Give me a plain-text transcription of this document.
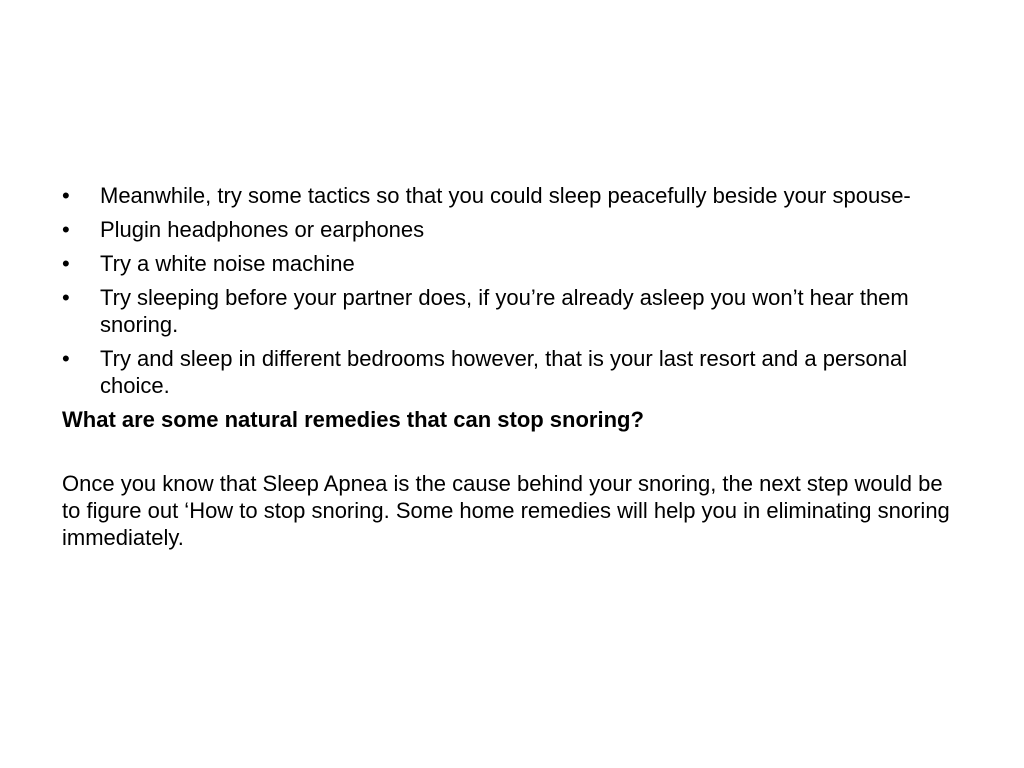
•	Meanwhile, try some tactics so that you could sleep peacefully beside your spouse-
•	Plugin headphones or earphones
•	Try a white noise machine
•	Try sleeping before your partner does, if you’re already asleep you won’t hear them snoring.
•	Try and sleep in different bedrooms however, that is your last resort and a personal choice.

What are some natural remedies that can stop snoring?

Once you know that Sleep Apnea is the cause behind your snoring, the next step would be to figure out ‘How to stop snoring. Some home remedies will help you in eliminating snoring immediately.
